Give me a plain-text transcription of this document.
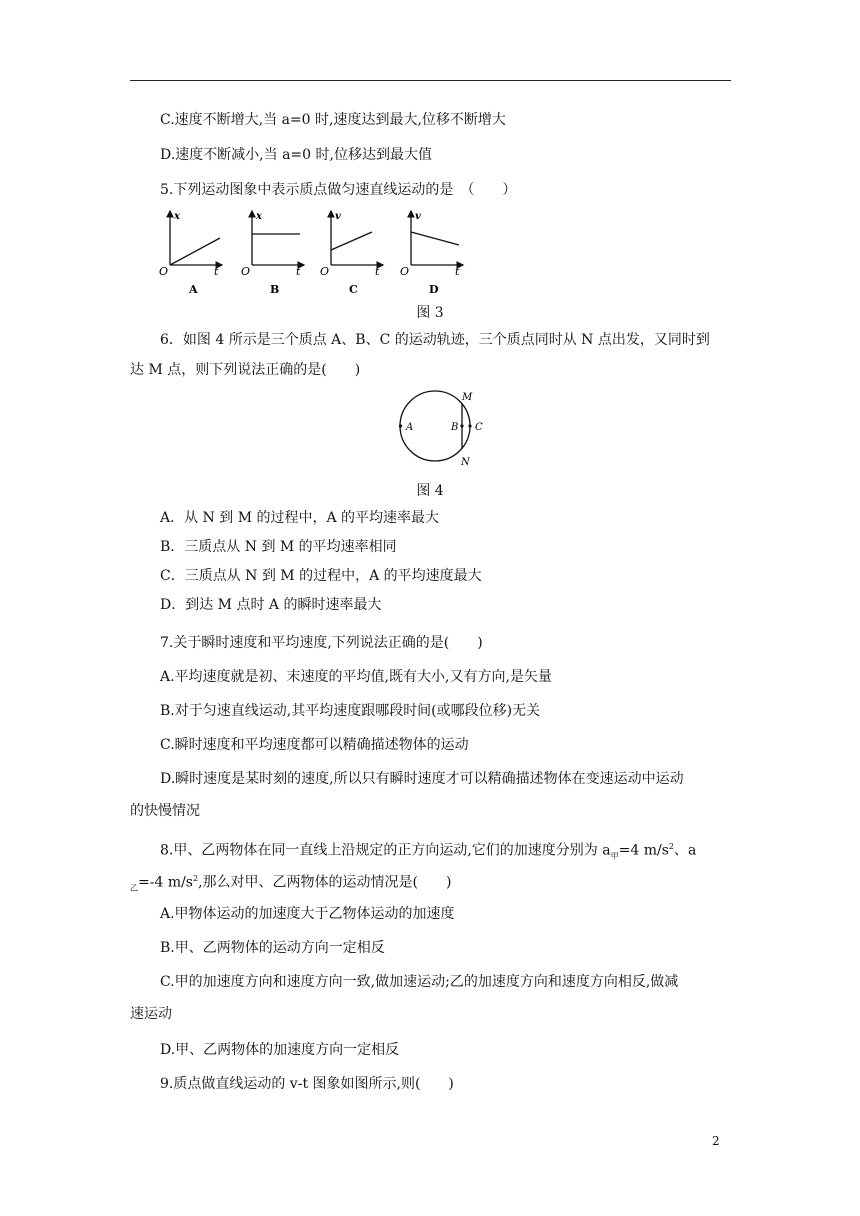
C.速度不断增大,当 a=0 时,速度达到最大,位移不断增大
D.速度不断减小,当 a=0 时,位移达到最大值
5.下列运动图象中表示质点做匀速直线运动的是　（　　）
x
t
O
A
x
t
O
B
v
t
O
C
v
t
O
D
图 3
6．如图 4 所示是三个质点 A、B、C 的运动轨迹，三个质点同时从 N 点出发，又同时到
达 M 点，则下列说法正确的是(　　)
M
N
A	B C
图 4
A．从 N 到 M 的过程中，A 的平均速率最大
B．三质点从 N 到 M 的平均速率相同
C．三质点从 N 到 M 的过程中，A 的平均速度最大
D．到达 M 点时 A 的瞬时速率最大
7.关于瞬时速度和平均速度,下列说法正确的是(　　)
A.平均速度就是初、末速度的平均值,既有大小,又有方向,是矢量
B.对于匀速直线运动,其平均速度跟哪段时间(或哪段位移)无关
C.瞬时速度和平均速度都可以精确描述物体的运动
D.瞬时速度是某时刻的速度,所以只有瞬时速度才可以精确描述物体在变速运动中运动
的快慢情况
8.甲、乙两物体在同一直线上沿规定的正方向运动,它们的加速度分别为 $a_甲=4$ $m/s^2$、a
$_乙$=-4 $m/s^2$,那么对甲、乙两物体的运动情况是(　　)
A.甲物体运动的加速度大于乙物体运动的加速度
B.甲、乙两物体的运动方向一定相反
C.甲的加速度方向和速度方向一致,做加速运动;乙的加速度方向和速度方向相反,做减
速运动
D.甲、乙两物体的加速度方向一定相反
9.质点做直线运动的 v-t 图象如图所示,则(　　)
2
